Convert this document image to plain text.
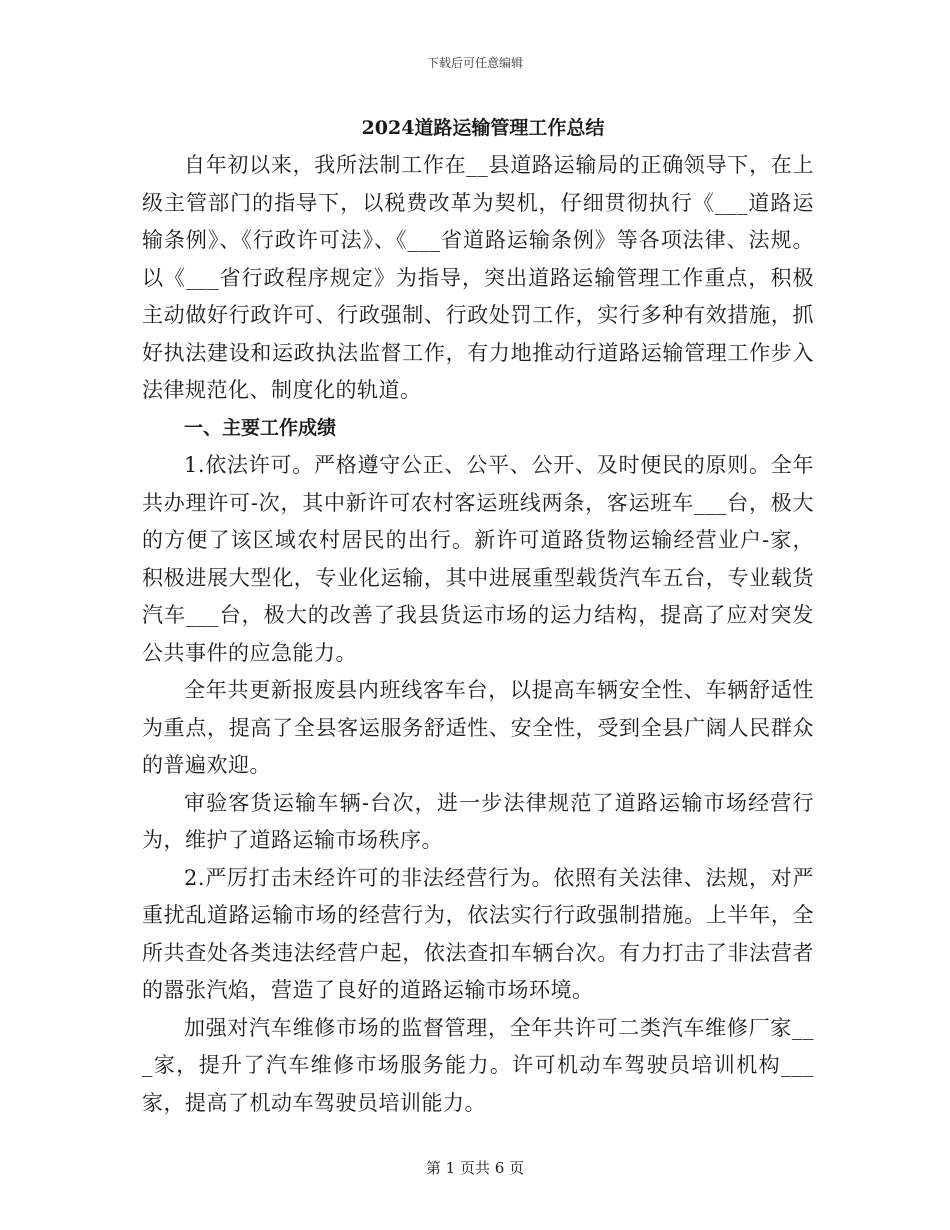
下载后可任意编辑
2024道路运输管理工作总结

自年初以来，我所法制工作在__县道路运输局的正确领导下，在上级主管部门的指导下，以税费改革为契机，仔细贯彻执行《___道路运输条例》、《行政许可法》、《___省道路运输条例》等各项法律、法规。以《___省行政程序规定》为指导，突出道路运输管理工作重点，积极主动做好行政许可、行政强制、行政处罚工作，实行多种有效措施，抓好执法建设和运政执法监督工作，有力地推动行道路运输管理工作步入法律规范化、制度化的轨道。

一、主要工作成绩

1.依法许可。严格遵守公正、公平、公开、及时便民的原则。全年共办理许可-次，其中新许可农村客运班线两条，客运班车___台，极大的方便了该区域农村居民的出行。新许可道路货物运输经营业户-家，积极进展大型化，专业化运输，其中进展重型载货汽车五台，专业载货汽车___台，极大的改善了我县货运市场的运力结构，提高了应对突发公共事件的应急能力。

全年共更新报废县内班线客车台，以提高车辆安全性、车辆舒适性为重点，提高了全县客运服务舒适性、安全性，受到全县广阔人民群众的普遍欢迎。

审验客货运输车辆-台次，进一步法律规范了道路运输市场经营行为，维护了道路运输市场秩序。

2.严厉打击未经许可的非法经营行为。依照有关法律、法规，对严重扰乱道路运输市场的经营行为，依法实行行政强制措施。上半年，全所共查处各类违法经营户起，依法查扣车辆台次。有力打击了非法营者的嚣张汽焰，营造了良好的道路运输市场环境。

加强对汽车维修市场的监督管理，全年共许可二类汽车维修厂家___家，提升了汽车维修市场服务能力。许可机动车驾驶员培训机构___家，提高了机动车驾驶员培训能力。

第 1 页共 6 页
